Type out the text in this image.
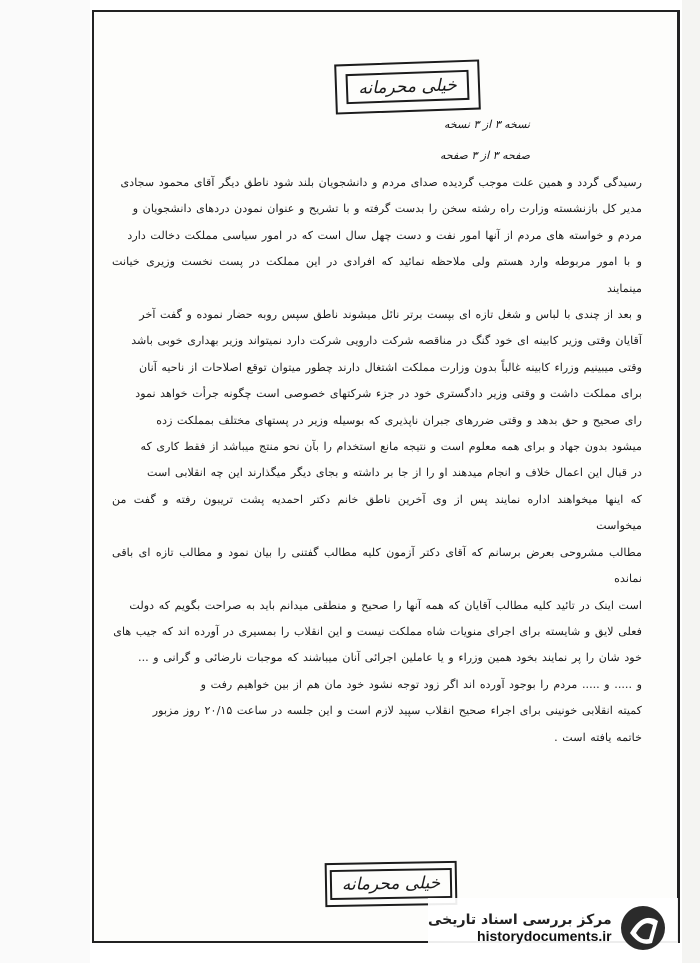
خیلی محرمانه
نسخه ۳ از ۳ نسخه
صفحه ۳ از ۳ صفحه
رسیدگی گردد و همین علت موجب گردیده صدای مردم و دانشجویان بلند شود ناطق دیگر آقای محمود سجادی
مدیر کل بازنشسته وزارت راه رشته سخن را بدست گرفته و با تشریح و عنوان نمودن دردهای دانشجویان و
مردم و خواسته های مردم از آنها امور نفت و دست چهل سال است که در امور سیاسی مملکت دخالت دارد
و با امور مربوطه وارد هستم ولی ملاحظه نمائید که افرادی در این مملکت در پست نخست وزیری خیانت مینمایند
و بعد از چندی با لباس و شغل تازه ای بپست برتر نائل میشوند ناطق سپس روبه حضار نموده و گفت آخر
آقایان وقتی وزیر کابینه ای خود گنگ در مناقصه شرکت دارویی شرکت دارد نمیتواند وزیر بهداری خوبی باشد
وقتی میبینیم وزراء کابینه غالباً بدون وزارت مملکت اشتغال دارند چطور میتوان توقع اصلاحات از ناحیه آنان
برای مملکت داشت و وقتی وزیر دادگستری خود در جزء شرکتهای خصوصی است چگونه جرأت خواهد نمود
رای صحیح و حق بدهد و وقتی ضررهای جبران ناپذیری که بوسیله وزیر در پستهای مختلف بمملکت زده
میشود بدون جهاد و برای همه معلوم است و نتیجه مانع استخدام را بآن نحو منتج میباشد از فقط کاری که
در قبال این اعمال خلاف و انجام میدهند او را از جا بر داشته و بجای دیگر میگذارند این چه انقلابی است
که اینها میخواهند اداره نمایند پس از وی آخرین ناطق خانم دکتر احمدیه پشت تریبون رفته و گفت من میخواست
مطالب مشروحی بعرض برسانم که آقای دکتر آزمون کلیه مطالب گفتنی را بیان نمود و مطالب تازه ای باقی نمانده
است اینک در تائید کلیه مطالب آقایان که همه آنها را صحیح و منطقی میدانم باید به صراحت بگویم که دولت
فعلی لایق و شایسته برای اجرای منویات شاه مملکت نیست و این انقلاب را بمسیری در آورده اند که جیب های
خود شان را پر نمایند بخود همین وزراء و یا عاملین اجرائی آنان میباشند که موجبات نارضائی و گرانی و ...
و ..... و ..... مردم را بوجود آورده اند اگر زود توجه نشود خود مان هم از بین خواهیم رفت و
کمیته انقلابی خونینی برای اجراء صحیح انقلاب سپید لازم است و این جلسه در ساعت ۲۰/۱۵ روز مزبور
خاتمه یافته است .
خیلی محرمانه
مرکز بررسی اسناد تاریخی
historydocuments.ir
